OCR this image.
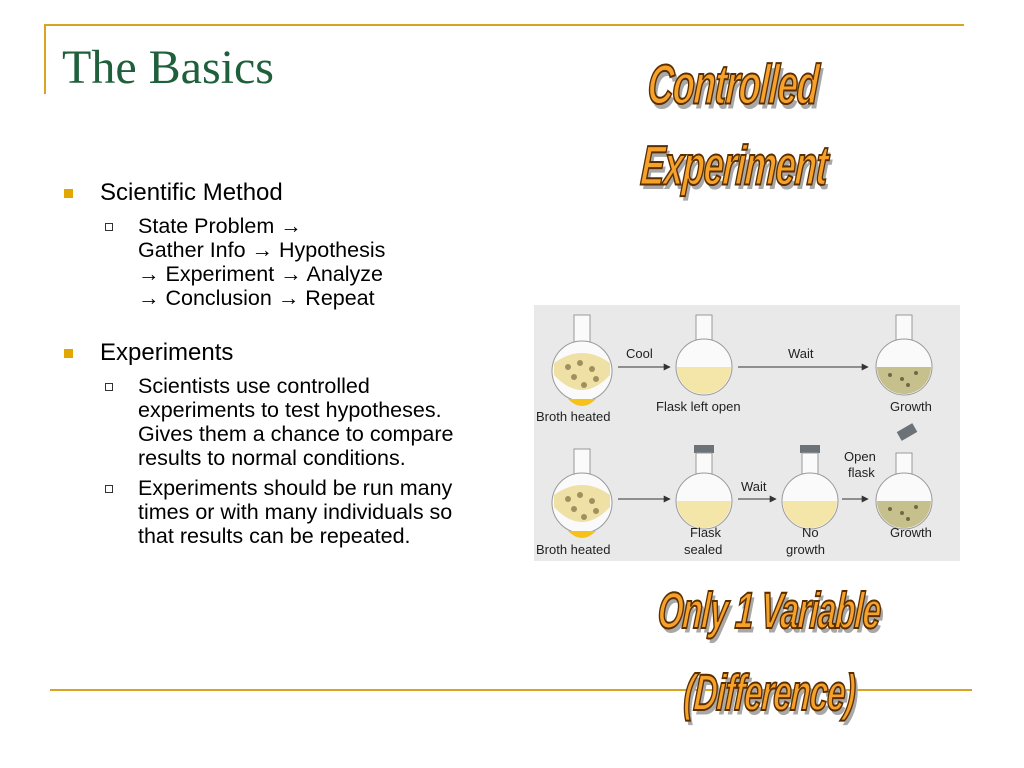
The Basics
Scientific Method
State Problem →
Gather Info → Hypothesis
→ Experiment → Analyze
→ Conclusion → Repeat
Experiments
Scientists use controlled experiments to test hypotheses. Gives them a chance to compare results to normal conditions.
Experiments should be run many times or with many individuals so that results can be repeated.
Controlled
Experiment
Only 1 Variable
(Difference)
Cool	Wait
Broth heated
Flask left open	Growth
Wait
Open
flask
Broth heated
Flask
sealed
No
growth
Growth
